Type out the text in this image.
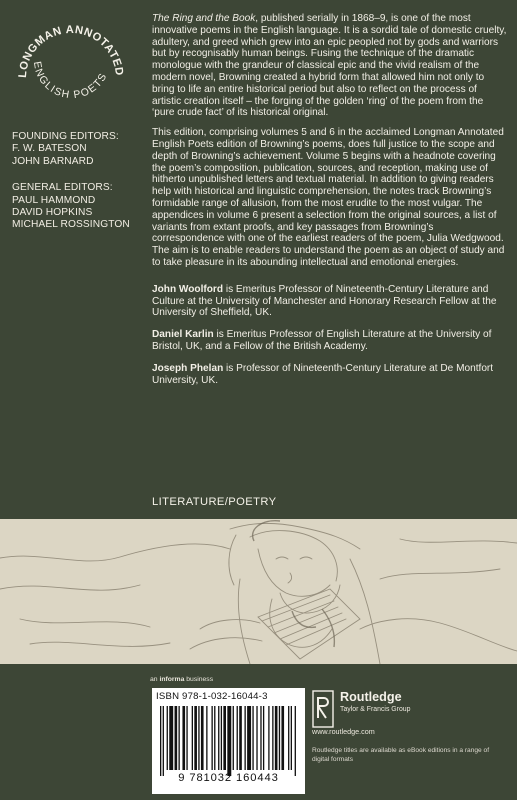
LONGMAN ANNOTATED
ENGLISH POETS
FOUNDING EDITORS:
F. W. BATESON
JOHN BARNARD
GENERAL EDITORS:
PAUL HAMMOND
DAVID HOPKINS
MICHAEL ROSSINGTON

The Ring and the Book, published serially in 1868–9, is one of the most innovative poems in the English language. It is a sordid tale of domestic cruelty, adultery, and greed which grew into an epic peopled not by gods and warriors but by recognisably human beings. Fusing the technique of the dramatic monologue with the grandeur of classical epic and the vivid realism of the modern novel, Browning created a hybrid form that allowed him not only to bring to life an entire historical period but also to reflect on the process of artistic creation itself – the forging of the golden ‘ring’ of the poem from the ‘pure crude fact’ of its historical original.

This edition, comprising volumes 5 and 6 in the acclaimed Longman Annotated English Poets edition of Browning’s poems, does full justice to the scope and depth of Browning’s achievement. Volume 5 begins with a headnote covering the poem’s composition, publication, sources, and reception, making use of hitherto unpublished letters and textual material. In addition to giving readers help with historical and linguistic comprehension, the notes track Browning’s formidable range of allusion, from the most erudite to the most vulgar. The appendices in volume 6 present a selection from the original sources, a list of variants from extant proofs, and key passages from Browning’s correspondence with one of the earliest readers of the poem, Julia Wedgwood. The aim is to enable readers to understand the poem as an object of study and to take pleasure in its abounding intellectual and emotional energies.

John Woolford is Emeritus Professor of Nineteenth-Century Literature and Culture at the University of Manchester and Honorary Research Fellow at the University of Sheffield, UK.

Daniel Karlin is Emeritus Professor of English Literature at the University of Bristol, UK, and a Fellow of the British Academy.

Joseph Phelan is Professor of Nineteenth-Century Literature at De Montfort University, UK.

LITERATURE/POETRY
an informa business
ISBN 978-1-032-16044-3
9 781032 160443
Routledge
Taylor & Francis Group
www.routledge.com
Routledge titles are available as eBook editions in a range of digital formats
